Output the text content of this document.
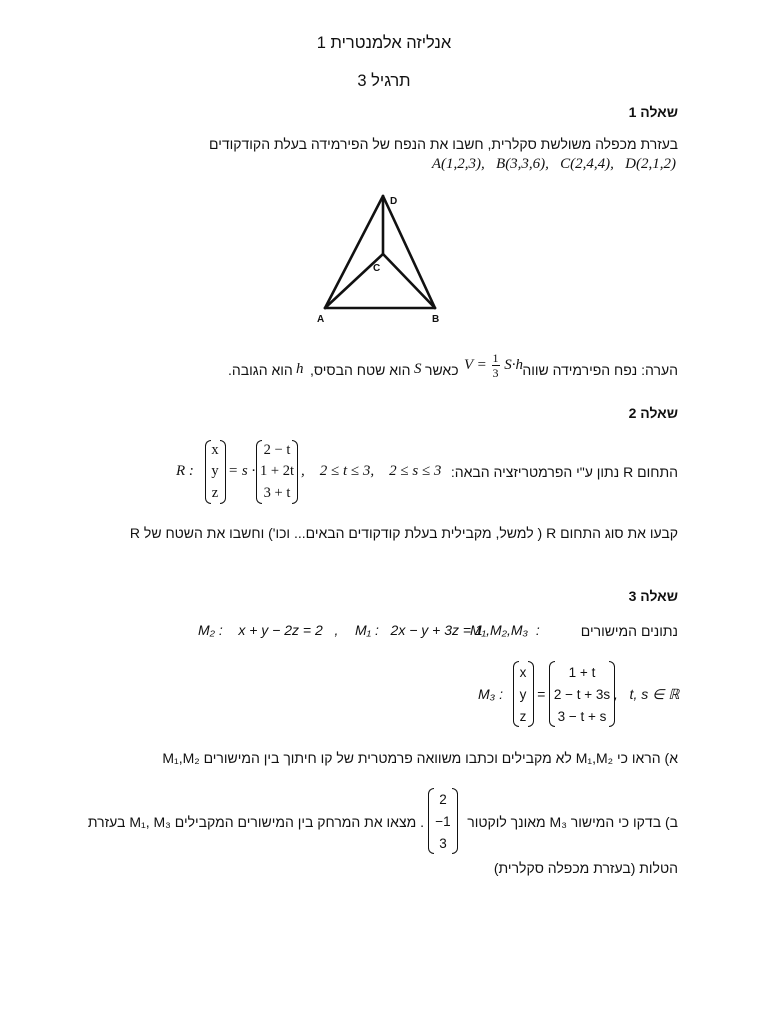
אנליזה אלמנטרית 1
תרגיל 3
שאלה 1
בעזרת מכפלה משולשת סקלרית, חשבו את הנפח של הפירמידה בעלת הקודקודים
A(1,2,3),   B(3,3,6),   C(2,4,4),   D(2,1,2)
A	B
C
D
הערה: נפח הפירמידה שווה
$V = \frac{1}{3} S\cdot h$
כאשר
S
הוא שטח הבסיס,
h
הוא הגובה.
שאלה 2
התחום R נתון ע"י הפרמטריזציה הבאה:
,    2 ≤ t ≤ 3,    2 ≤ s ≤ 3
R :
x
y
z
= s ·
2 − t
1 + 2t
3 + t
קבעו את סוג התחום R ( למשל, מקבילית בעלת קודקודים הבאים... וכו') וחשבו את השטח של R
שאלה 3
נתונים המישורים
M₁,M₂,M₃  :
M₁ :   2x − y + 3z = 1
M₂ :    x + y − 2z = 2   ,
M₃ :
x
y
z
=
1 + t
2 − t + 3s
3 − t + s
,   t, s ∈ ℝ
א) הראו כי M₁,M₂ לא מקבילים וכתבו משוואה פרמטרית של קו חיתוך בין המישורים M₁,M₂
ב) בדקו כי המישור M₃ מאונך לוקטור
2
−1
3
. מצאו את המרחק בין המישורים המקבילים M₁, M₃ בעזרת
הטלות (בעזרת מכפלה סקלרית)
